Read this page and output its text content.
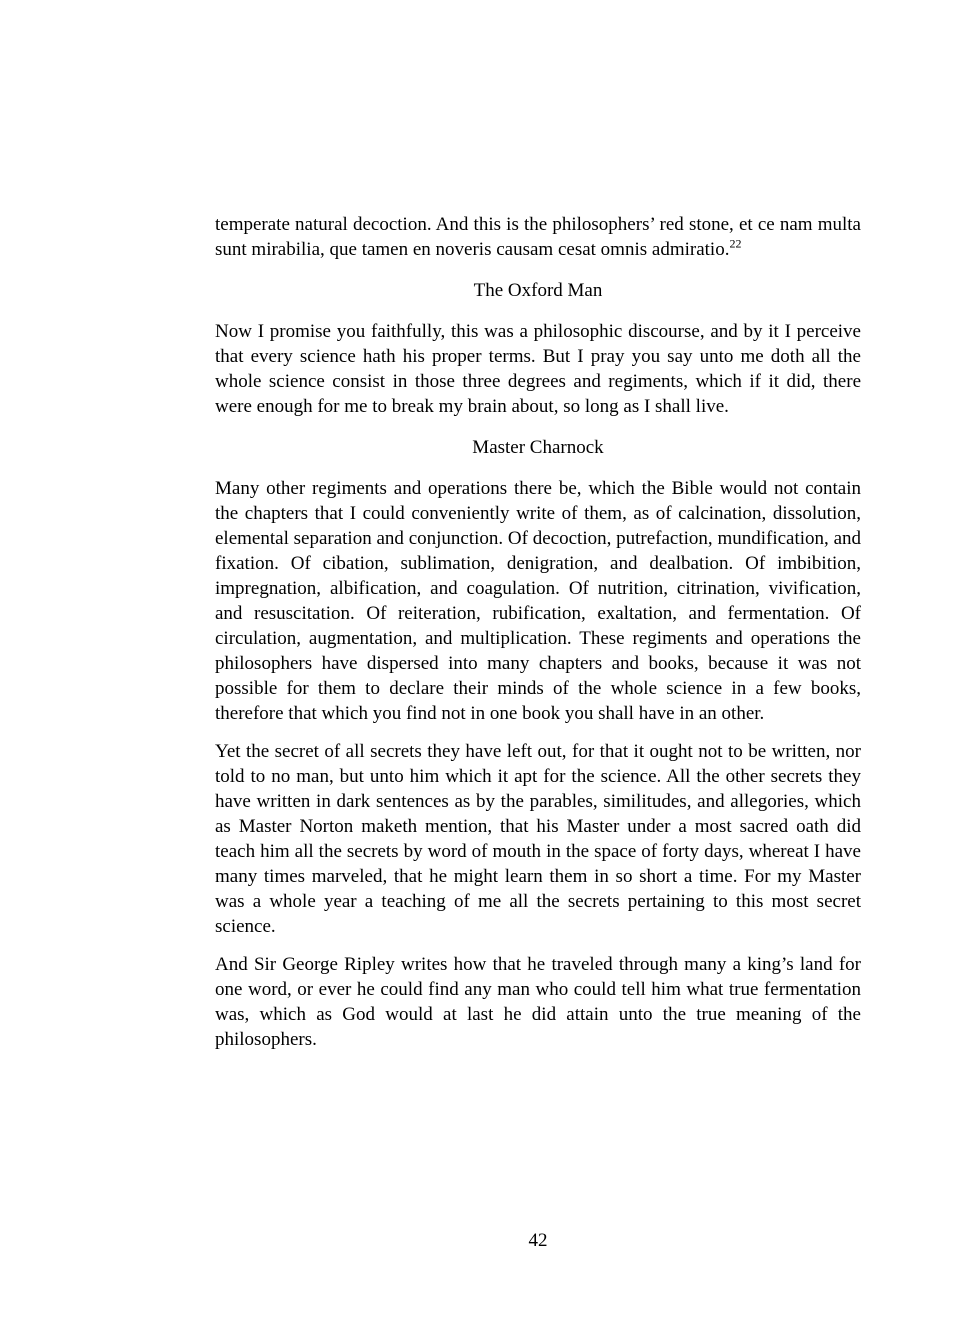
temperate natural decoction. And this is the philosophers’ red stone, et ce nam multa sunt mirabilia, que tamen en noveris causam cesat omnis admiratio.$^{22}$

The Oxford Man

Now I promise you faithfully, this was a philosophic discourse, and by it I perceive that every science hath his proper terms. But I pray you say unto me doth all the whole science consist in those three degrees and regiments, which if it did, there were enough for me to break my brain about, so long as I shall live.

Master Charnock

Many other regiments and operations there be, which the Bible would not contain the chapters that I could conveniently write of them, as of calcination, dissolution, elemental separation and conjunction. Of decoction, putrefaction, mundification, and fixation. Of cibation, sublimation, denigration, and dealbation. Of imbibition, impregnation, albification, and coagulation. Of nutrition, citrination, vivification, and resuscitation. Of reiteration, rubification, exaltation, and fermentation. Of circulation, augmentation, and multiplication. These regiments and operations the philosophers have dispersed into many chapters and books, because it was not possible for them to declare their minds of the whole science in a few books, therefore that which you find not in one book you shall have in an other.

Yet the secret of all secrets they have left out, for that it ought not to be written, nor told to no man, but unto him which it apt for the science. All the other secrets they have written in dark sentences as by the parables, similitudes, and allegories, which as Master Norton maketh mention, that his Master under a most sacred oath did teach him all the secrets by word of mouth in the space of forty days, whereat I have many times marveled, that he might learn them in so short a time. For my Master was a whole year a teaching of me all the secrets pertaining to this most secret science.

And Sir George Ripley writes how that he traveled through many a king’s land for one word, or ever he could find any man who could tell him what true fermentation was, which as God would at last he did attain unto the true meaning of the philosophers.

42
